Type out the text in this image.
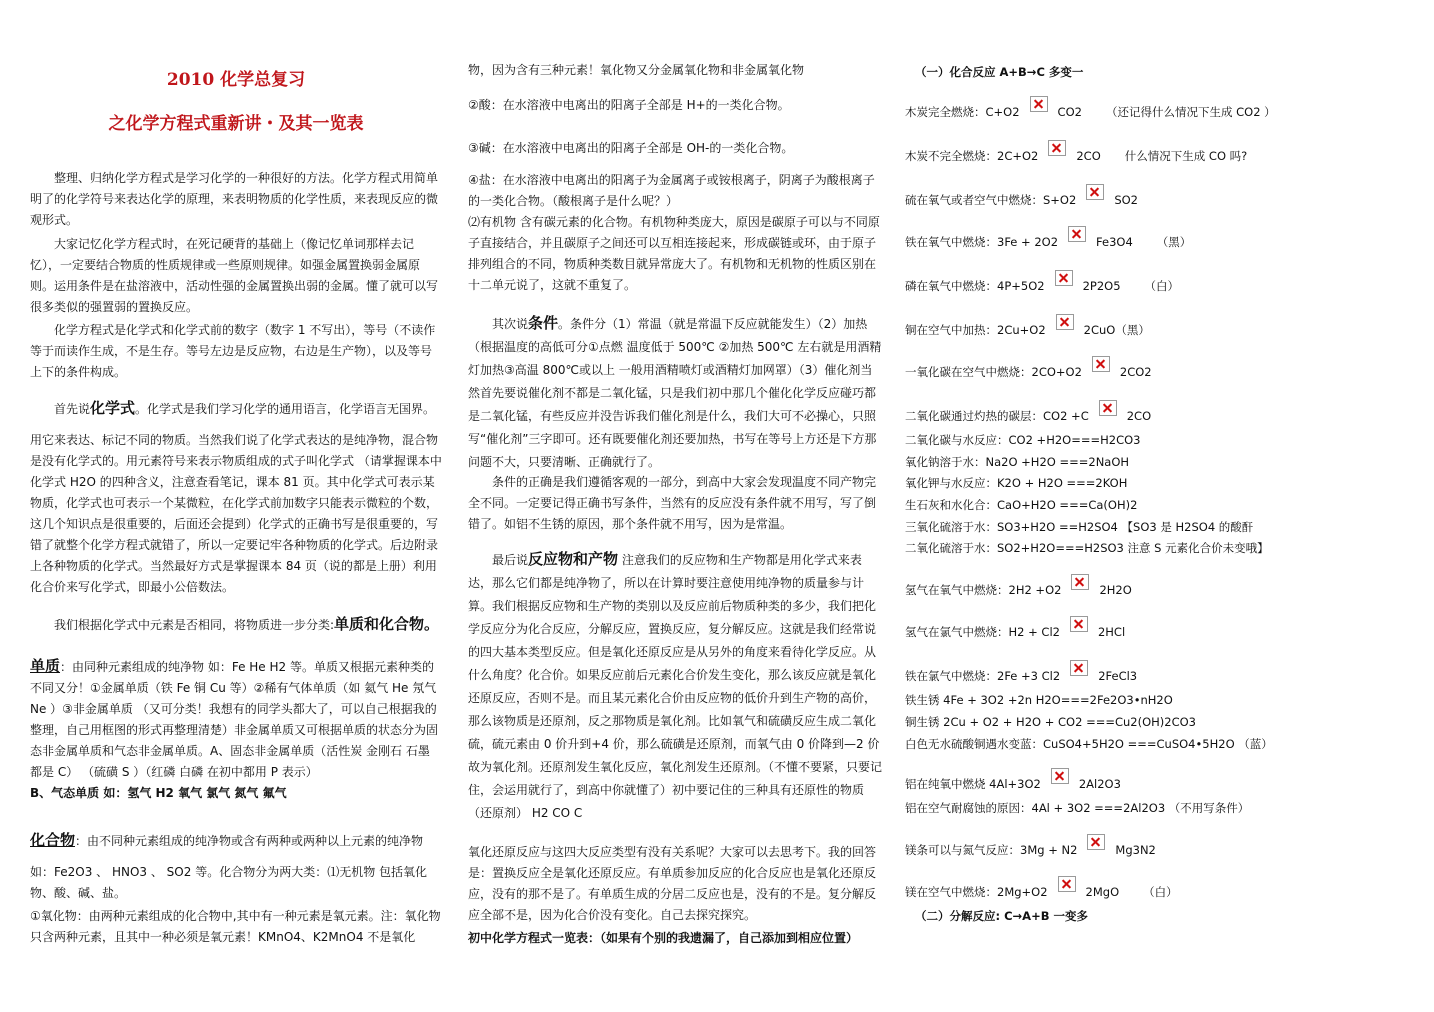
2010 化学总复习
之化学方程式重新讲・及其一览表

整理、归纳化学方程式是学习化学的一种很好的方法。化学方程式用简单明了的化学符号来表达化学的原理，来表明物质的化学性质，来表现反应的微观形式。

大家记忆化学方程式时，在死记硬背的基础上（像记忆单词那样去记忆），一定要结合物质的性质规律或一些原则规律。如强金属置换弱金属原则。运用条件是在盐溶液中，活动性强的金属置换出弱的金属。懂了就可以写很多类似的强置弱的置换反应。

化学方程式是化学式和化学式前的数字（数字 1 不写出），等号（不读作等于而读作生成，不是生存。等号左边是反应物，右边是生产物），以及等号上下的条件构成。

首先说化学式。化学式是我们学习化学的通用语言，化学语言无国界。

用它来表达、标记不同的物质。当然我们说了化学式表达的是纯净物，混合物是没有化学式的。用元素符号来表示物质组成的式子叫化学式 （请掌握课本中化学式 H2O 的四种含义，注意查看笔记，课本 81 页。其中化学式可表示某物质，化学式也可表示一个某微粒，在化学式前加数字只能表示微粒的个数，这几个知识点是很重要的，后面还会提到）化学式的正确书写是很重要的，写错了就整个化学方程式就错了，所以一定要记牢各种物质的化学式。后边附录上各种物质的化学式。当然最好方式是掌握课本 84 页（说的都是上册）利用化合价来写化学式，即最小公倍数法。

我们根据化学式中元素是否相同，将物质进一步分类:单质和化合物。

单质：由同种元素组成的纯净物 如：Fe He H2 等。单质又根据元素种类的不同又分！①金属单质（铁 Fe 铜 Cu 等）②稀有气体单质（如 氦气 He 氖气 Ne ）③非金属单质 （又可分类！我想有的同学头都大了，可以自己根据我的整理，自己用框图的形式再整理清楚）非金属单质又可根据单质的状态分为固态非金属单质和气态非金属单质。A、固态非金属单质（活性炭 金刚石 石墨 都是 C） （硫磺 S ）（红磷 白磷 在初中都用 P 表示）
B、气态单质 如：氢气 H2 氧气 氯气 氮气 氟气

化合物：由不同种元素组成的纯净物或含有两种或两种以上元素的纯净物

如：Fe2O3 、 HNO3 、 SO2 等。化合物分为两大类：⑴无机物 包括氧化物、酸、碱、盐。

①氧化物：由两种元素组成的化合物中,其中有一种元素是氧元素。注：氧化物只含两种元素，且其中一种必须是氧元素！KMnO4、K2MnO4 不是氧化

物，因为含有三种元素！氧化物又分金属氧化物和非金属氧化物

②酸：在水溶液中电离出的阳离子全部是 H+的一类化合物。

③碱：在水溶液中电离出的阳离子全部是 OH-的一类化合物。

④盐：在水溶液中电离出的阳离子为金属离子或铵根离子，阴离子为酸根离子的一类化合物。（酸根离子是什么呢？）

⑵有机物 含有碳元素的化合物。有机物种类庞大，原因是碳原子可以与不同原子直接结合，并且碳原子之间还可以互相连接起来，形成碳链或环，由于原子排列组合的不同，物质种类数目就异常庞大了。有机物和无机物的性质区别在十二单元说了，这就不重复了。

其次说条件。条件分（1）常温（就是常温下反应就能发生）（2）加热（根据温度的高低可分①点燃 温度低于 500℃ ②加热 500℃ 左右就是用酒精灯加热③高温 800℃或以上 一般用酒精喷灯或酒精灯加网罩）（3）催化剂当然首先要说催化剂不都是二氧化锰，只是我们初中那几个催化化学反应碰巧都是二氧化锰，有些反应并没告诉我们催化剂是什么，我们大可不必操心，只照写“催化剂”三字即可。还有既要催化剂还要加热，书写在等号上方还是下方那问题不大，只要清晰、正确就行了。

条件的正确是我们遵循客观的一部分，到高中大家会发现温度不同产物完全不同。一定要记得正确书写条件，当然有的反应没有条件就不用写，写了倒错了。如铝不生锈的原因，那个条件就不用写，因为是常温。

最后说反应物和产物 注意我们的反应物和生产物都是用化学式来表达，那么它们都是纯净物了，所以在计算时要注意使用纯净物的质量参与计算。我们根据反应物和生产物的类别以及反应前后物质种类的多少，我们把化学反应分为化合反应，分解反应，置换反应，复分解反应。这就是我们经常说的四大基本类型反应。但是氧化还原反应是从另外的角度来看待化学反应。从什么角度？化合价。如果反应前后元素化合价发生变化，那么该反应就是氧化还原反应，否则不是。而且某元素化合价由反应物的低价升到生产物的高价，那么该物质是还原剂，反之那物质是氧化剂。比如氧气和硫磺反应生成二氧化硫，硫元素由 0 价升到+4 价，那么硫磺是还原剂，而氧气由 0 价降到—2 价故为氧化剂。还原剂发生氧化反应，氧化剂发生还原剂。（不懂不要紧，只要记住，会运用就行了，到高中你就懂了）初中要记住的三种具有还原性的物质（还原剂） H2 CO C

氧化还原反应与这四大反应类型有没有关系呢？大家可以去思考下。我的回答是：置换反应全是氧化还原反应。有单质参加反应的化合反应也是氧化还原反应，没有的那不是了。有单质生成的分居二反应也是，没有的不是。复分解反应全部不是，因为化合价没有变化。自己去探究探究。

初中化学方程式一览表：（如果有个别的我遗漏了，自己添加到相应位置）

（一）化合反应 A+B→C 多变一
木炭完全燃烧：C+O2	CO2 （还记得什么情况下生成 CO2 ）
木炭不完全燃烧：2C+O2	2CO 什么情况下生成 CO 吗?
硫在氧气或者空气中燃烧：S+O2	SO2
铁在氧气中燃烧：3Fe + 2O2	Fe3O4 （黑）
磷在氧气中燃烧：4P+5O2	2P2O5 （白）
铜在空气中加热：2Cu+O2	2CuO（黑）
一氧化碳在空气中燃烧：2CO+O2	2CO2
二氧化碳通过灼热的碳层：CO2 +C	2CO
二氧化碳与水反应：CO2 +H2O===H2CO3
氧化钠溶于水：Na2O +H2O ===2NaOH
氧化钾与水反应：K2O + H2O ===2KOH
生石灰和水化合：CaO+H2O ===Ca(OH)2
三氧化硫溶于水：SO3+H2O ==H2SO4 【SO3 是 H2SO4 的酸酐
二氧化硫溶于水：SO2+H2O===H2SO3 注意 S 元素化合价未变哦】
氢气在氧气中燃烧：2H2 +O2	2H2O
氢气在氯气中燃烧：H2 + Cl2	2HCl
铁在氯气中燃烧：2Fe +3 Cl2	2FeCl3
铁生锈 4Fe + 3O2 +2n H2O===2Fe2O3•nH2O
铜生锈 2Cu + O2 + H2O + CO2 ===Cu2(OH)2CO3
白色无水硫酸铜遇水变蓝：CuSO4+5H2O ===CuSO4•5H2O （蓝）
铝在纯氧中燃烧 4Al+3O2	2Al2O3
铝在空气耐腐蚀的原因：4Al + 3O2 ===2Al2O3 （不用写条件）
镁条可以与氮气反应：3Mg + N2	Mg3N2
镁在空气中燃烧：2Mg+O2	2MgO （白）
（二）分解反应: C→A+B 一变多
